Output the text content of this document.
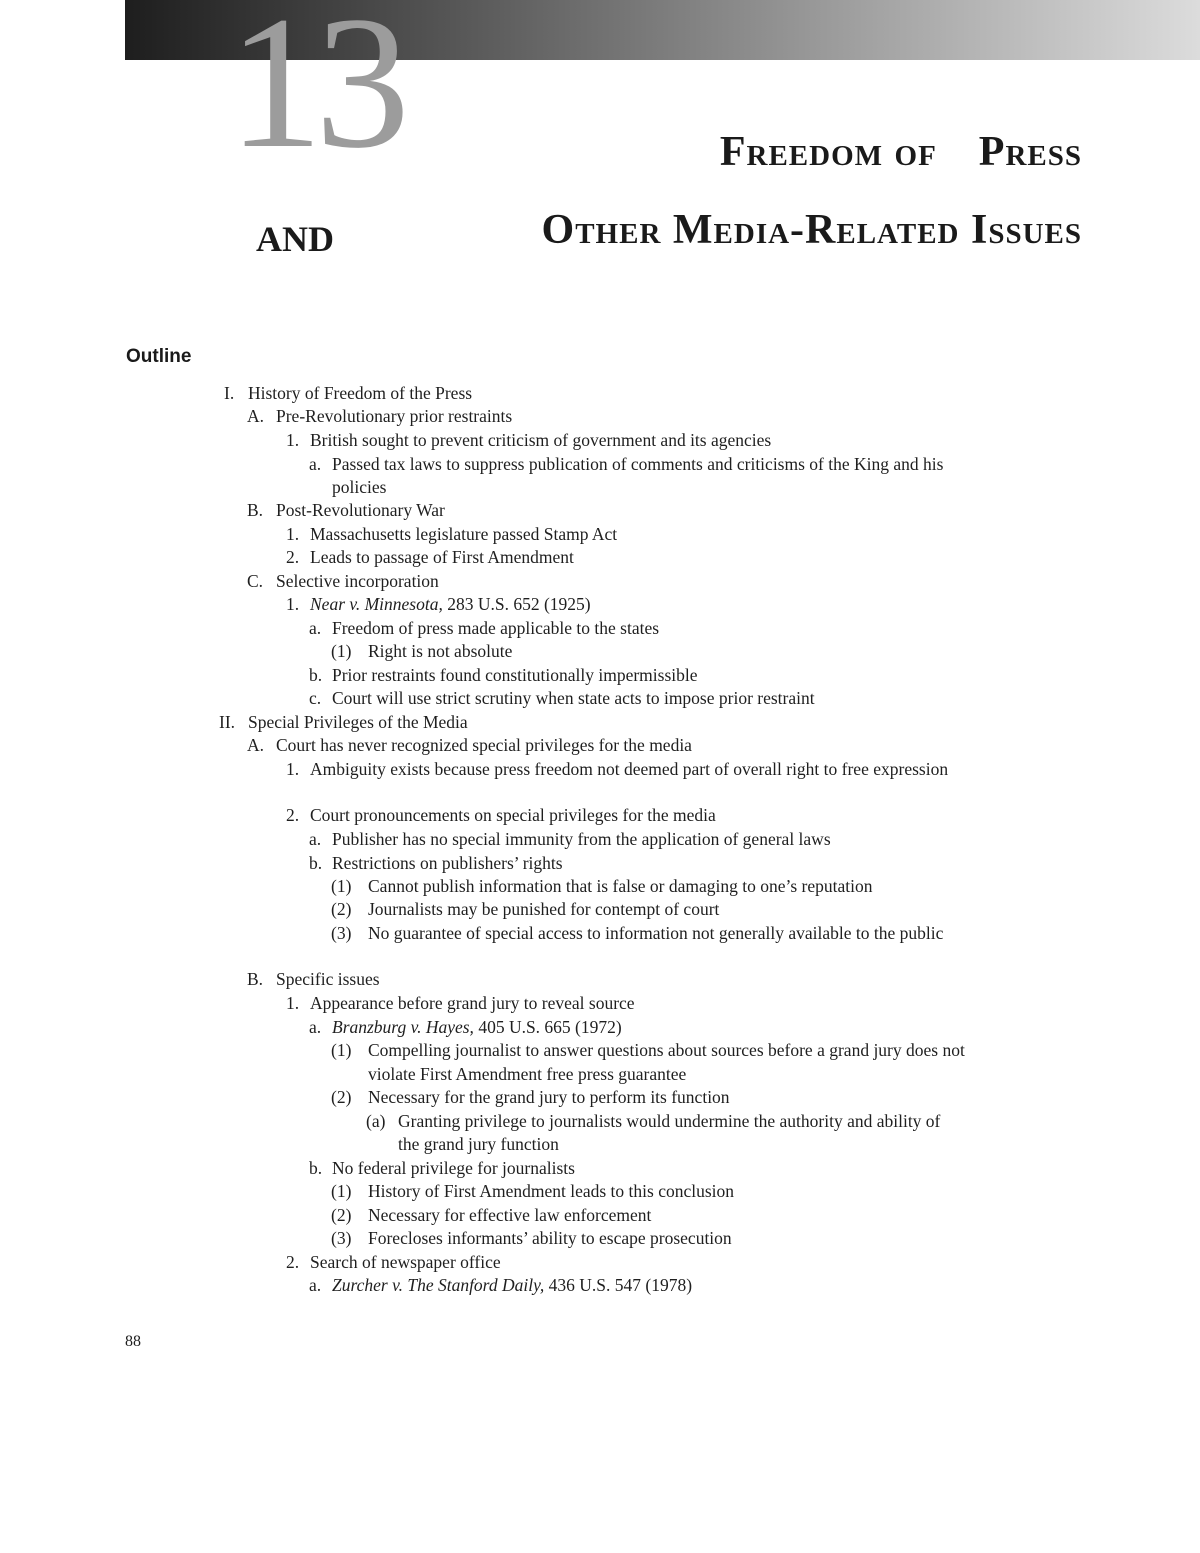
13	Freedom of Press
AND	Other Media-Related Issues
Outline
I. History of Freedom of the Press
A. Pre-Revolutionary prior restraints
1. British sought to prevent criticism of government and its agencies
a. Passed tax laws to suppress publication of comments and criticisms of the King and his
policies
B. Post-Revolutionary War
1. Massachusetts legislature passed Stamp Act
2. Leads to passage of First Amendment
C. Selective incorporation
1. Near v. Minnesota, 283 U.S. 652 (1925)
a. Freedom of press made applicable to the states
(1) Right is not absolute
b. Prior restraints found constitutionally impermissible
c. Court will use strict scrutiny when state acts to impose prior restraint
II. Special Privileges of the Media
A. Court has never recognized special privileges for the media
1. Ambiguity exists because press freedom not deemed part of overall right to free expression
2. Court pronouncements on special privileges for the media
a. Publisher has no special immunity from the application of general laws
b. Restrictions on publishers’ rights
(1) Cannot publish information that is false or damaging to one’s reputation
(2) Journalists may be punished for contempt of court
(3) No guarantee of special access to information not generally available to the public
B. Specific issues
1. Appearance before grand jury to reveal source
a. Branzburg v. Hayes, 405 U.S. 665 (1972)
(1) Compelling journalist to answer questions about sources before a grand jury does not
violate First Amendment free press guarantee
(2) Necessary for the grand jury to perform its function
(a) Granting privilege to journalists would undermine the authority and ability of
the grand jury function
b. No federal privilege for journalists
(1) History of First Amendment leads to this conclusion
(2) Necessary for effective law enforcement
(3) Forecloses informants’ ability to escape prosecution
2. Search of newspaper office
a. Zurcher v. The Stanford Daily, 436 U.S. 547 (1978)
88
